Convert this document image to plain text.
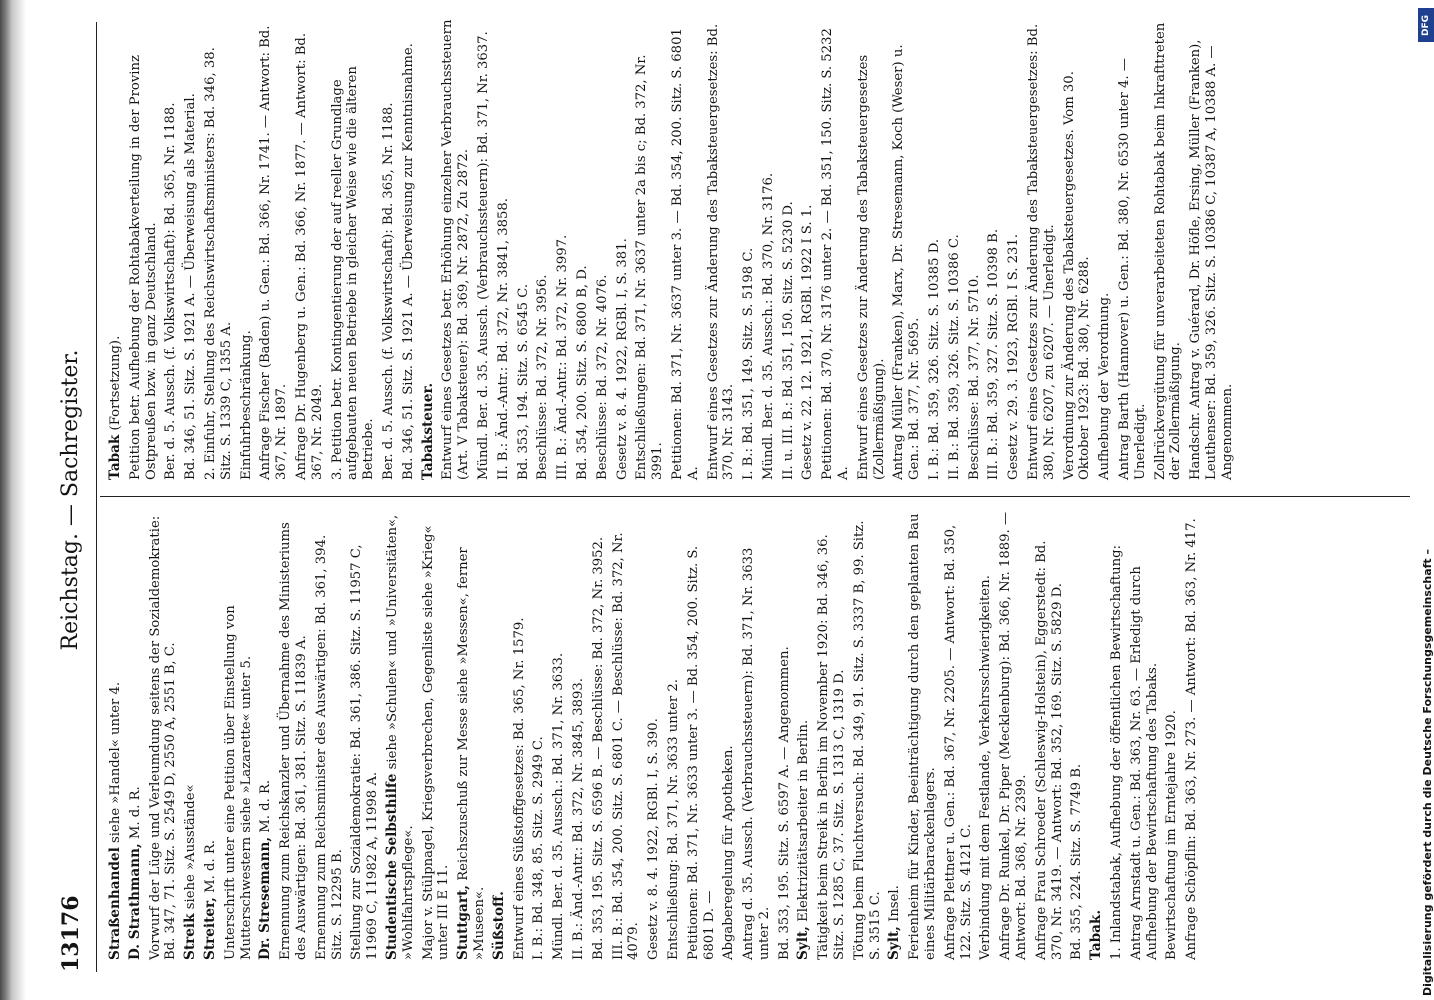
13176
Reichstag. — Sachregister.
Straßenhandel siehe »Handel« unter 4.
D. Strathmann, M. d. R. Vorwurf der Lüge und Verleumdung seitens der Sozialdemokratie: Bd. 347, 71. Sitz. S. 2549 D, 2550 A, 2551 B, C. Streik siehe »Ausstände«
Streiter, M. d. R. Unterschrift unter eine Petition über Einstellung von Mutterschwestern siehe »Lazarette« unter 5. Dr. Stresemann, M. d. R. Ernennung zum Reichskanzler und Übernahme des Ministeriums des Auswärtigen: Bd. 361, 381. Sitz. S. 11839 A. Ernennung zum Reichsminister des Auswärtigen: Bd. 361, 394. Sitz. S. 12295 B. Stellung zur Sozialdemokratie: Bd. 361, 386. Sitz. S. 11957 C, 11969 C, 11982 A, 11998 A. Studentische Selbsthilfe siehe »Schulen« und »Universitäten«, »Wohlfahrtspflege«. Major v. Stülpnagel, Kriegsverbrechen, Gegenliste siehe »Krieg« unter III E 11. Stuttgart, Reichszuschuß zur Messe siehe »Messen«, ferner »Museen«. Süßstoff. Entwurf eines Süßstoffgesetzes: Bd. 365, Nr. 1579. I. B.: Bd. 348, 85. Sitz. S. 2949 C. Mündl. Ber. d. 35. Aussch.: Bd. 371, Nr. 3633. II. B.: Änd.-Antr.: Bd. 372, Nr. 3845, 3893. Bd. 353, 195. Sitz. S. 6596 B. — Beschlüsse: Bd. 372, Nr. 3952. III. B.: Bd. 354, 200. Sitz. S. 6801 C. — Beschlüsse: Bd. 372, Nr. 4079. Gesetz v. 8. 4. 1922, RGBl. I, S. 390. Entschließung: Bd. 371, Nr. 3633 unter 2. Petitionen: Bd. 371, Nr. 3633 unter 3. — Bd. 354, 200. Sitz. S. 6801 D. — Abgaberegelung für Apotheken. Antrag d. 35. Aussch. (Verbrauchssteuern): Bd. 371, Nr. 3633 unter 2. Bd. 353, 195. Sitz. S. 6597 A. — Angenommen. Sylt, Elektrizitätsarbeiter in Berlin. Tätigkeit beim Streik in Berlin im November 1920: Bd. 346, 36. Sitz. S. 1285 C, 37. Sitz. S. 1313 C, 1319 D. Tötung beim Fluchtversuch: Bd. 349, 91. Sitz. S. 3337 B, 99. Sitz. S. 3515 C. Sylt, Insel. Ferienheim für Kinder, Beeinträchtigung durch den geplanten Bau eines Militärbarackenlagers. Anfrage Plettner u. Gen.: Bd. 367, Nr. 2205. — Antwort: Bd. 350, 122. Sitz. S. 4121 C. Verbindung mit dem Festlande, Verkehrsschwierigkeiten. Anfrage Dr. Runkel, Dr. Piper (Mecklenburg): Bd. 366, Nr. 1889. — Antwort: Bd. 368, Nr. 2399. Anfrage Frau Schroeder (Schleswig-Holstein), Eggerstedt: Bd. 370, Nr. 3419. — Antwort: Bd. 352, 169. Sitz. S. 5829 D. Bd. 355, 224. Sitz. S. 7749 B. Tabak. 1. Inlandstabak, Aufhebung der öffentlichen Bewirtschaftung: Antrag Arnstadt u. Gen.: Bd. 363, Nr. 63. — Erledigt durch Aufhebung der Bewirtschaftung des Tabaks. Bewirtschaftung im Erntejahre 1920. Anfrage Schöpflin: Bd. 363, Nr. 273. — Antwort: Bd. 363, Nr. 417.
Tabak (Fortsetzung). Petition betr. Aufhebung der Rohtabakverteilung in der Provinz Ostpreußen bzw. in ganz Deutschland. Ber. d. 5. Aussch. (f. Volkswirtschaft): Bd. 365, Nr. 1188. Bd. 346, 51. Sitz. S. 1921 A. — Überweisung als Material. 2. Einfuhr, Stellung des Reichswirtschaftsministers: Bd. 346, 38. Sitz. S. 1339 C, 1355 A. Einfuhrbeschränkung. Anfrage Fischer (Baden) u. Gen.: Bd. 366, Nr. 1741. — Antwort: Bd. 367, Nr. 1897. Anfrage Dr. Hugenberg u. Gen.: Bd. 366, Nr. 1877. — Antwort: Bd. 367, Nr. 2049. 3. Petition betr. Kontingentierung der auf reeller Grundlage aufgebauten neuen Betriebe in gleicher Weise wie die älteren Betriebe. Ber. d. 5. Aussch. (f. Volkswirtschaft): Bd. 365, Nr. 1188. Bd. 346, 51. Sitz. S. 1921 A. — Überweisung zur Kenntnisnahme. Tabaksteuer. Entwurf eines Gesetzes betr. Erhöhung einzelner Verbrauchssteuern (Art. V Tabaksteuer): Bd. 369, Nr. 2872, Zu 2872. Mündl. Ber. d. 35. Aussch. (Verbrauchssteuern): Bd. 371, Nr. 3637. II. B.: Änd.-Antr.: Bd. 372, Nr. 3841, 3858. Bd. 353, 194. Sitz. S. 6545 C. Beschlüsse: Bd. 372, Nr. 3956. III. B.: Änd.-Antr.: Bd. 372, Nr. 3997. Bd. 354, 200. Sitz. S. 6800 B, D. Beschlüsse: Bd. 372, Nr. 4076. Gesetz v. 8. 4. 1922, RGBl. I, S. 381. Entschließungen: Bd. 371, Nr. 3637 unter 2a bis c; Bd. 372, Nr. 3991. Petitionen: Bd. 371, Nr. 3637 unter 3. — Bd. 354, 200. Sitz. S. 6801 A. Entwurf eines Gesetzes zur Änderung des Tabaksteuergesetzes: Bd. 370, Nr. 3143. I. B.: Bd. 351, 149. Sitz. S. 5198 C. Mündl. Ber. d. 35. Aussch.: Bd. 370, Nr. 3176. II. u. III. B.: Bd. 351, 150. Sitz. S. 5230 D. Gesetz v. 22. 12. 1921, RGBl. 1922 I S. 1. Petitionen: Bd. 370, Nr. 3176 unter 2. — Bd. 351, 150. Sitz. S. 5232 A. Entwurf eines Gesetzes zur Änderung des Tabaksteuergesetzes (Zollermäßigung). Antrag Müller (Franken), Marx, Dr. Stresemann, Koch (Weser) u. Gen.: Bd. 377, Nr. 5695. I. B.: Bd. 359, 326. Sitz. S. 10385 D. II. B.: Bd. 359, 326. Sitz. S. 10386 C. Beschlüsse: Bd. 377, Nr. 5710. III. B.: Bd. 359, 327. Sitz. S. 10398 B. Gesetz v. 29. 3. 1923, RGBl. I S. 231. Entwurf eines Gesetzes zur Änderung des Tabaksteuergesetzes: Bd. 380, Nr. 6207, zu 6207. — Unerledigt. Verordnung zur Änderung des Tabaksteuergesetzes. Vom 30. Oktober 1923: Bd. 380, Nr. 6288. Aufhebung der Verordnung. Antrag Barth (Hannover) u. Gen.: Bd. 380, Nr. 6530 unter 4. — Unerledigt. Zollrückvergütung für unverarbeiteten Rohtabak beim Inkrafttreten der Zollermäßigung. Handschr. Antrag v. Guérard, Dr. Höfle, Ersing, Müller (Franken), Leuthenser: Bd. 359, 326. Sitz. S. 10386 C, 10387 A, 10388 A. — Angenommen.
Digitalisierung gefördert durch die Deutsche Forschungsgemeinschaft –
DFG
